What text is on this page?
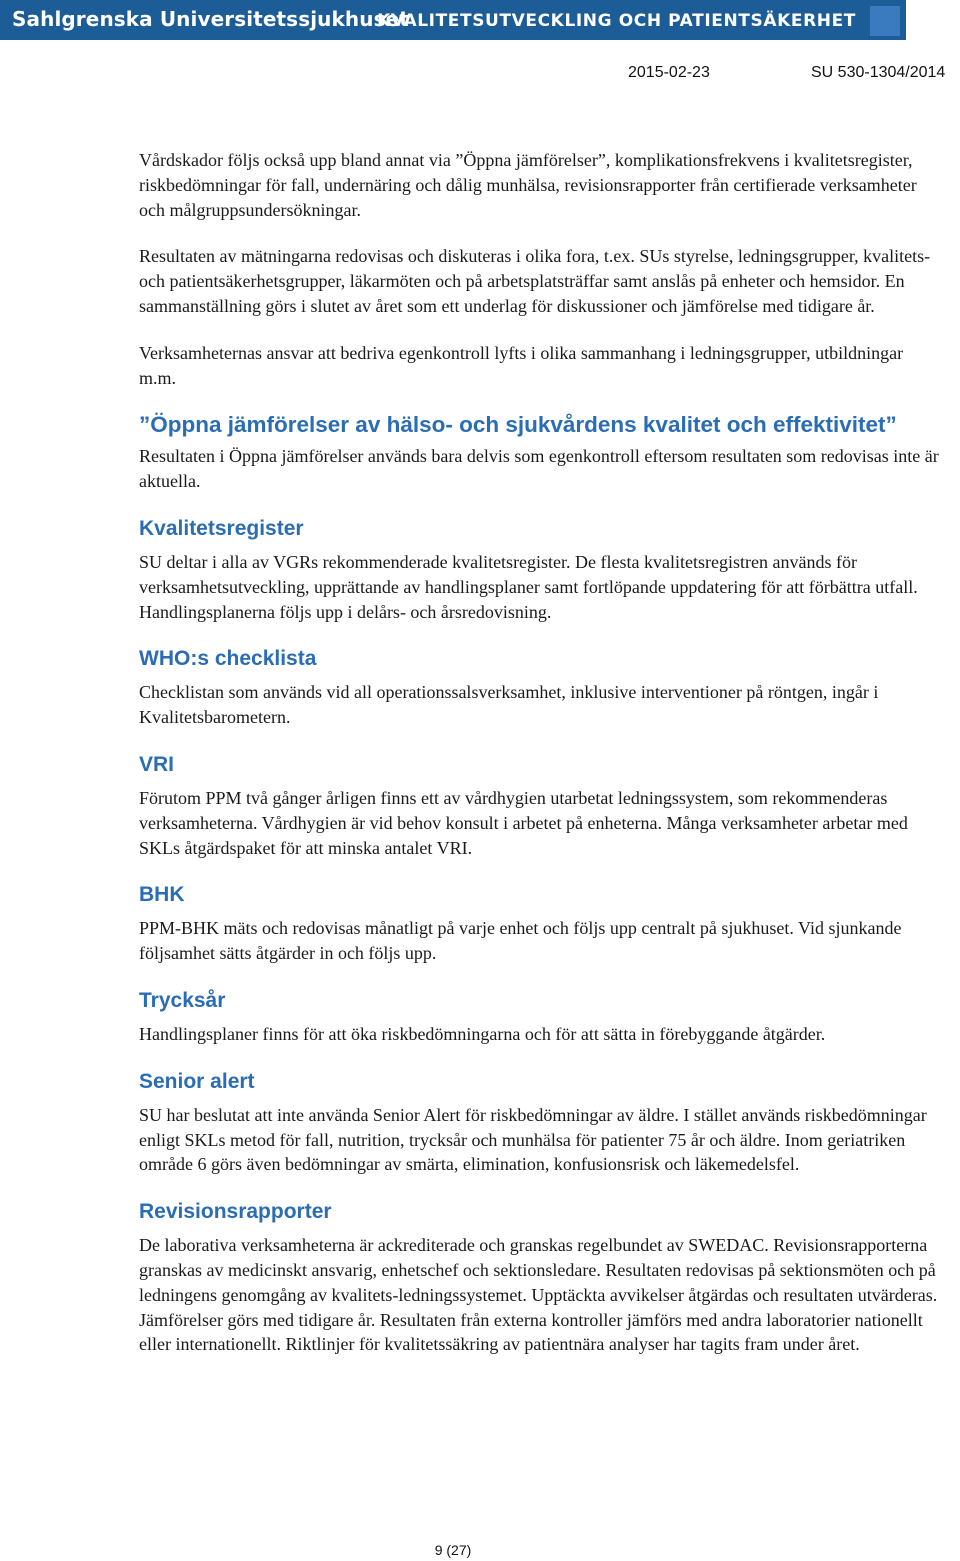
Sahlgrenska Universitetssjukhuset
KVALITETSUTVECKLING OCH PATIENTSÄKERHET
2015-02-23	SU 530-1304/2014

Vårdskador följs också upp bland annat via ”Öppna jämförelser”, komplikationsfrekvens i kvalitetsregister, riskbedömningar för fall, undernäring och dålig munhälsa, revisionsrapporter från certifierade verksamheter och målgruppsundersökningar.

Resultaten av mätningarna redovisas och diskuteras i olika fora, t.ex. SUs styrelse, ledningsgrupper, kvalitets- och patientsäkerhetsgrupper, läkarmöten och på arbetsplatsträffar samt anslås på enheter och hemsidor. En sammanställning görs i slutet av året som ett underlag för diskussioner och jämförelse med tidigare år.

Verksamheternas ansvar att bedriva egenkontroll lyfts i olika sammanhang i ledningsgrupper, utbildningar m.m.

”Öppna jämförelser av hälso- och sjukvårdens kvalitet och effektivitet”

Resultaten i Öppna jämförelser används bara delvis som egenkontroll eftersom resultaten som redovisas inte är aktuella.

Kvalitetsregister

SU deltar i alla av VGRs rekommenderade kvalitetsregister. De flesta kvalitetsregistren används för verksamhetsutveckling, upprättande av handlingsplaner samt fortlöpande uppdatering för att förbättra utfall. Handlingsplanerna följs upp i delårs- och årsredovisning.

WHO:s checklista

Checklistan som används vid all operationssalsverksamhet, inklusive interventioner på röntgen, ingår i Kvalitetsbarometern.

VRI

Förutom PPM två gånger årligen finns ett av vårdhygien utarbetat ledningssystem, som rekommenderas verksamheterna. Vårdhygien är vid behov konsult i arbetet på enheterna. Många verksamheter arbetar med SKLs åtgärdspaket för att minska antalet VRI.

BHK

PPM-BHK mäts och redovisas månatligt på varje enhet och följs upp centralt på sjukhuset. Vid sjunkande följsamhet sätts åtgärder in och följs upp.

Trycksår

Handlingsplaner finns för att öka riskbedömningarna och för att sätta in förebyggande åtgärder.

Senior alert

SU har beslutat att inte använda Senior Alert för riskbedömningar av äldre. I stället används riskbedömningar enligt SKLs metod för fall, nutrition, trycksår och munhälsa för patienter 75 år och äldre. Inom geriatriken område 6 görs även bedömningar av smärta, elimination, konfusionsrisk och läkemedelsfel.

Revisionsrapporter

De laborativa verksamheterna är ackrediterade och granskas regelbundet av SWEDAC. Revisionsrapporterna granskas av medicinskt ansvarig, enhetschef och sektionsledare. Resultaten redovisas på sektionsmöten och på ledningens genomgång av kvalitets-ledningssystemet. Upptäckta avvikelser åtgärdas och resultaten utvärderas. Jämförelser görs med tidigare år. Resultaten från externa kontroller jämförs med andra laboratorier nationellt eller internationellt. Riktlinjer för kvalitetssäkring av patientnära analyser har tagits fram under året.

9 (27)
